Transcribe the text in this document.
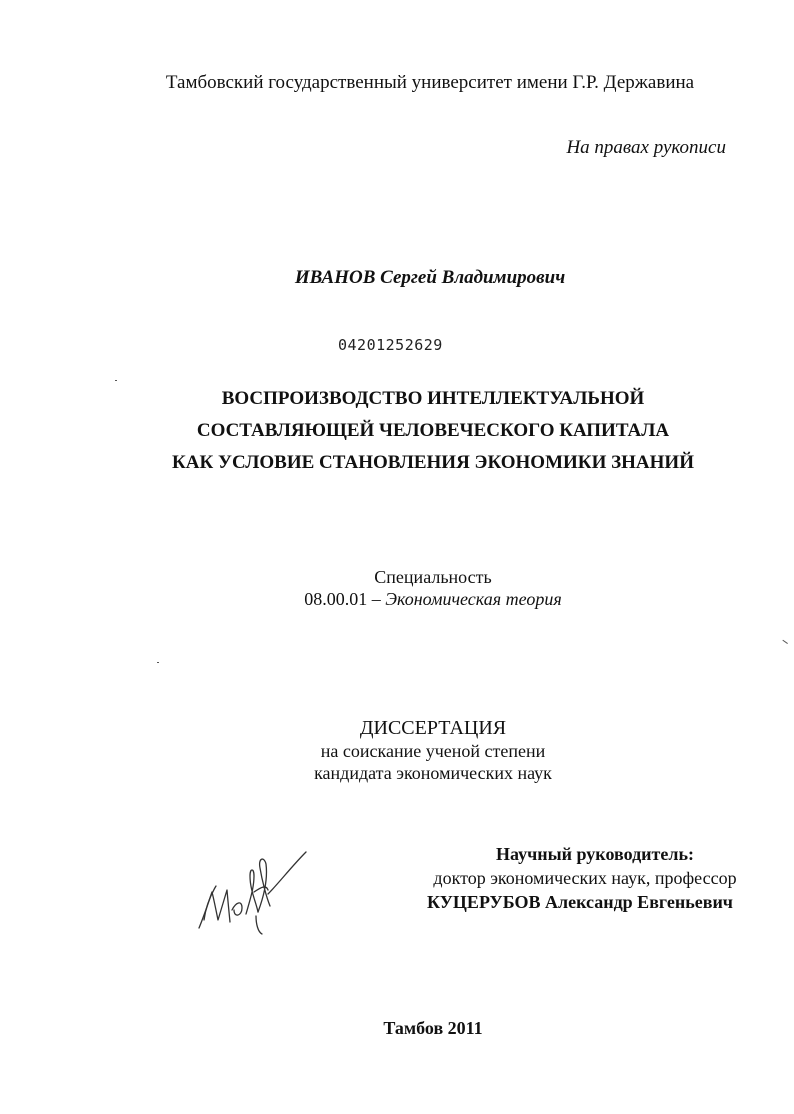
Тамбовский государственный университет имени Г.Р. Державина
На правах рукописи
ИВАНОВ Сергей Владимирович
04201252629
ВОСПРОИЗВОДСТВО ИНТЕЛЛЕКТУАЛЬНОЙ
СОСТАВЛЯЮЩЕЙ ЧЕЛОВЕЧЕСКОГО КАПИТАЛА
КАК УСЛОВИЕ СТАНОВЛЕНИЯ ЭКОНОМИКИ ЗНАНИЙ
Специальность
08.00.01 – Экономическая теория
ДИССЕРТАЦИЯ
на соискание ученой степени
кандидата экономических наук
Научный руководитель:
доктор экономических наук, профессор
КУЦЕРУБОВ Александр Евгеньевич
Тамбов 2011
